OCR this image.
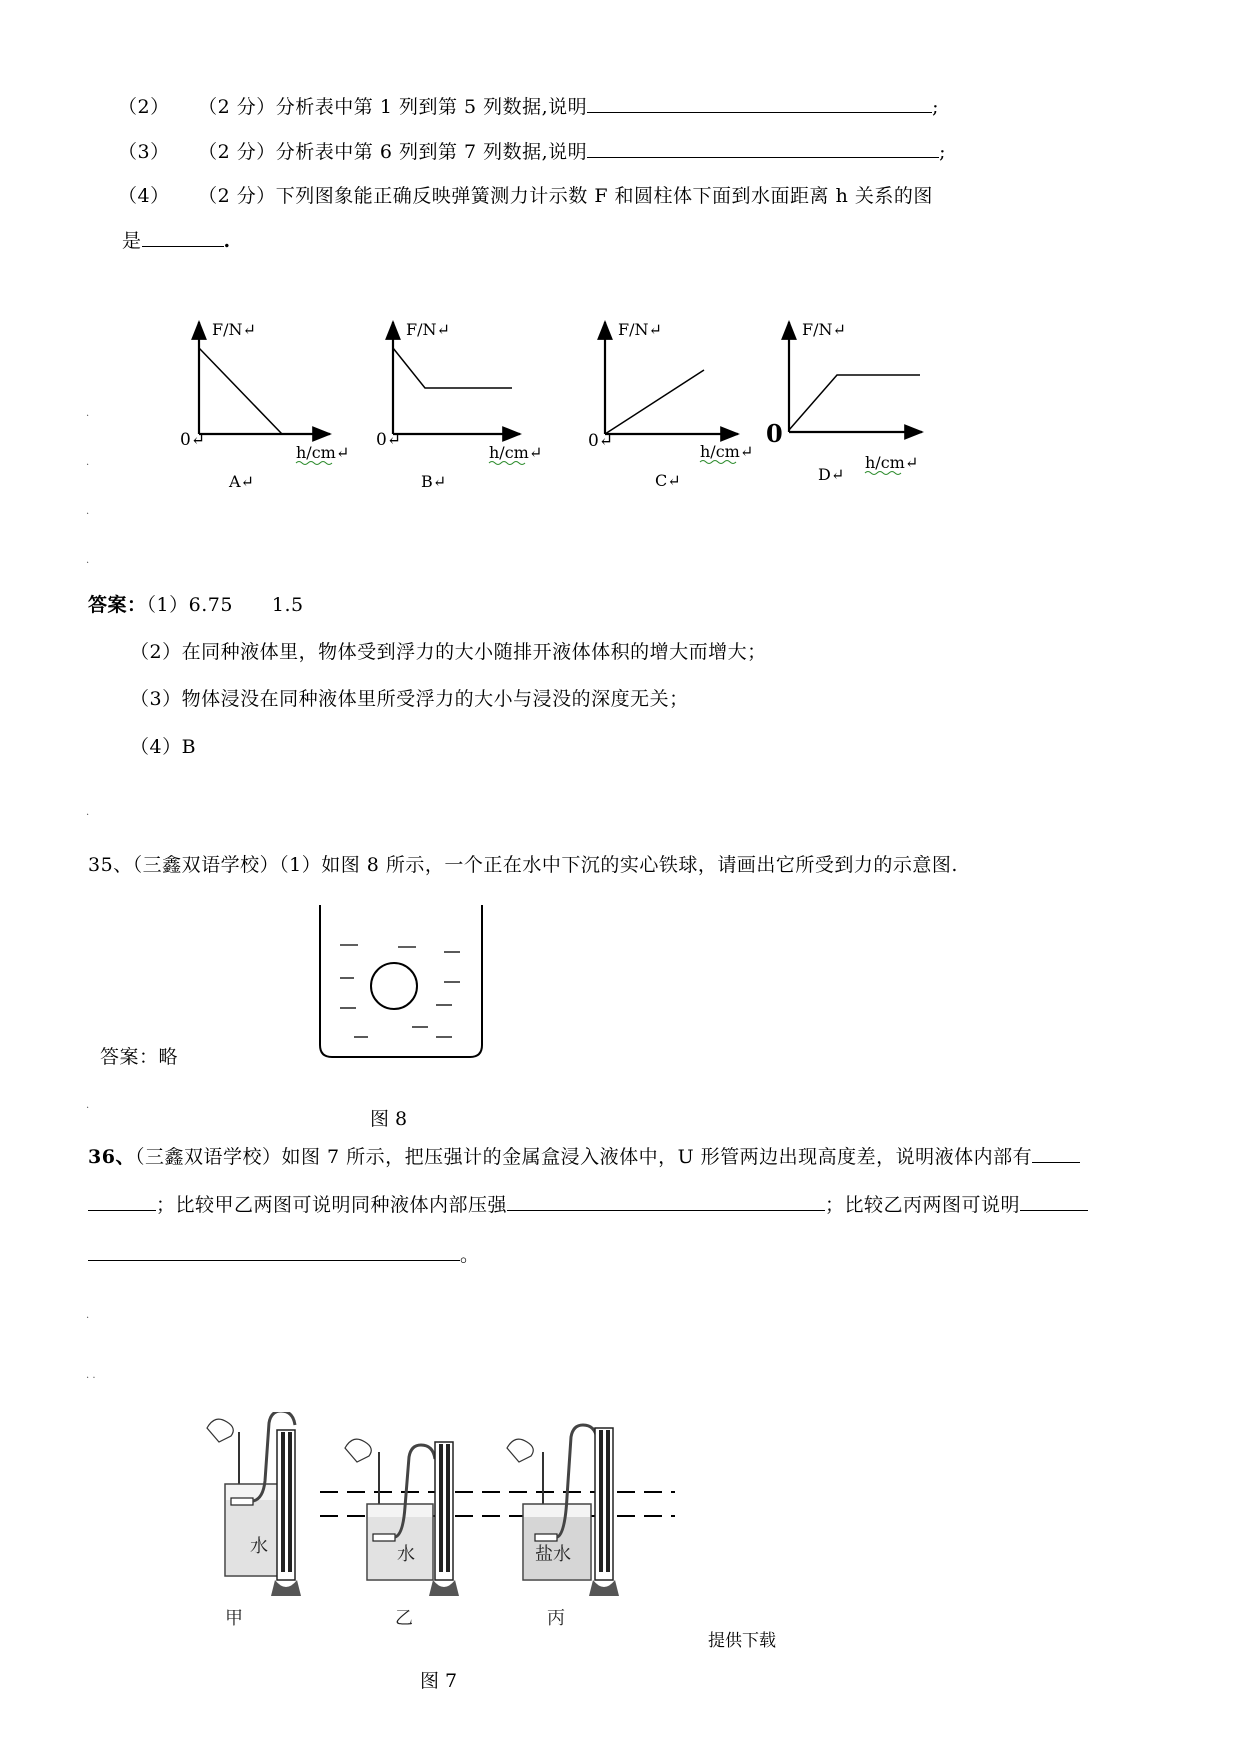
（2） （2 分）分析表中第 1 列到第 5 列数据,说明	;
（3） （2 分）分析表中第 6 列到第 7 列数据,说明	;
（4） （2 分）下列图象能正确反映弹簧测力计示数 F 和圆柱体下面到水面距离 h 关系的图
是	.
F/N↵
0↵
h/cm↵
A↵
F/N↵
0↵
h/cm↵
B↵
F/N↵
0↵
h/cm↵
C↵
F/N↵
0
h/cm↵
D↵
.
.
.
.
答案：（1）6.75　　1.5
（2）在同种液体里，物体受到浮力的大小随排开液体体积的增大而增大；
（3）物体浸没在同种液体里所受浮力的大小与浸没的深度无关；
（4）B
.
35、（三鑫双语学校）（1）如图 8 所示，一个正在水中下沉的实心铁球，请画出它所受到力的示意图.
答案：略
.
图 8
36、（三鑫双语学校）如图 7 所示，把压强计的金属盒浸入液体中，U 形管两边出现高度差，说明液体内部有
；比较甲乙两图可说明同种液体内部压强	；比较乙丙两图可说明
。
.
. .
水
甲
水
乙
盐水
丙
提供下载
图 7
